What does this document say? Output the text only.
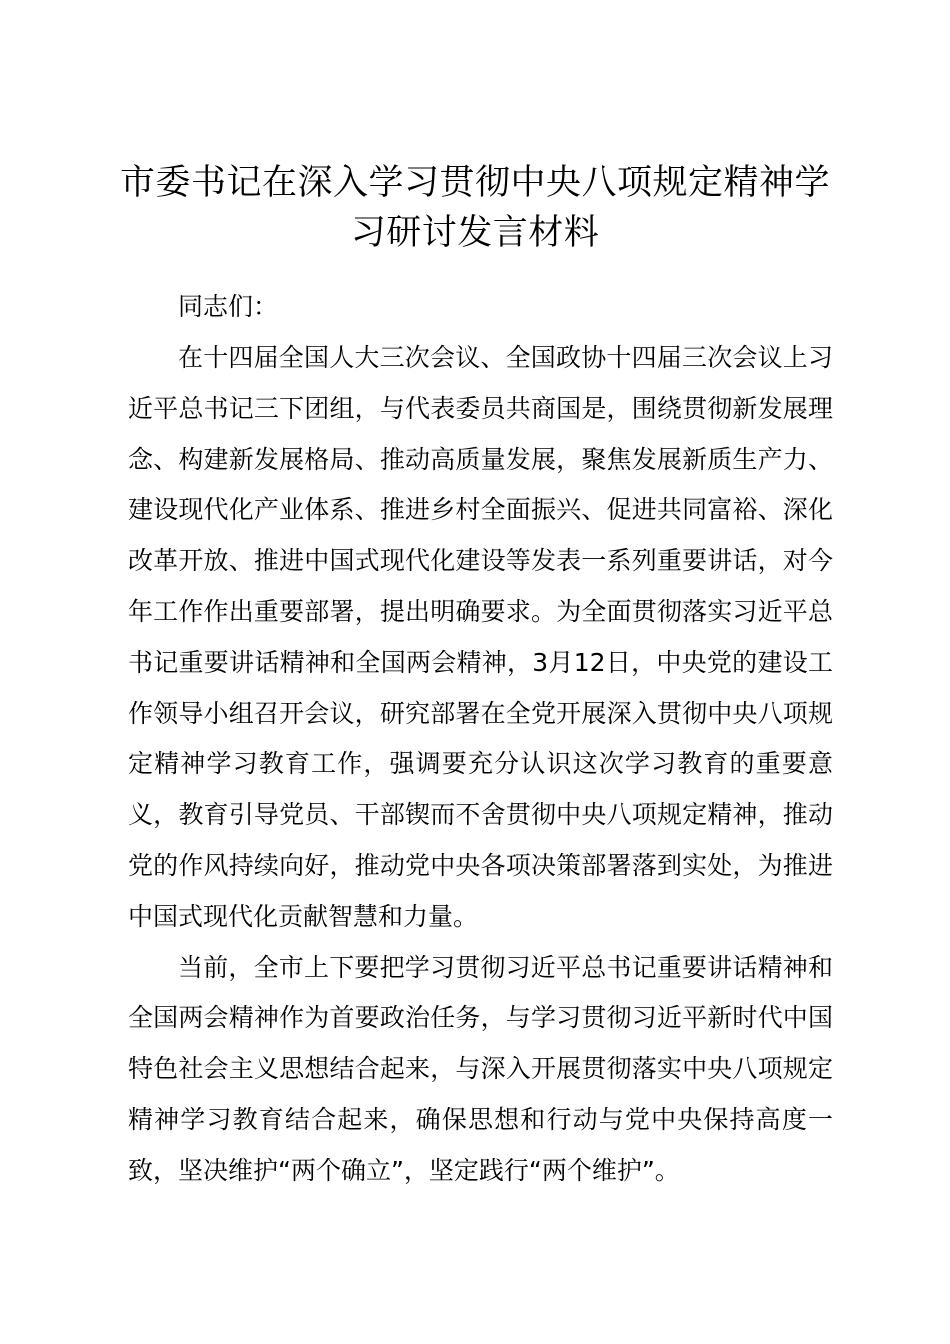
市委书记在深入学习贯彻中央八项规定精神学习研讨发言材料

同志们：

在十四届全国人大三次会议、全国政协十四届三次会议上习近平总书记三下团组，与代表委员共商国是，围绕贯彻新发展理念、构建新发展格局、推动高质量发展，聚焦发展新质生产力、建设现代化产业体系、推进乡村全面振兴、促进共同富裕、深化改革开放、推进中国式现代化建设等发表一系列重要讲话，对今年工作作出重要部署，提出明确要求。为全面贯彻落实习近平总书记重要讲话精神和全国两会精神，3月12日，中央党的建设工作领导小组召开会议，研究部署在全党开展深入贯彻中央八项规定精神学习教育工作，强调要充分认识这次学习教育的重要意义，教育引导党员、干部锲而不舍贯彻中央八项规定精神，推动党的作风持续向好，推动党中央各项决策部署落到实处，为推进中国式现代化贡献智慧和力量。

当前，全市上下要把学习贯彻习近平总书记重要讲话精神和全国两会精神作为首要政治任务，与学习贯彻习近平新时代中国特色社会主义思想结合起来，与深入开展贯彻落实中央八项规定精神学习教育结合起来，确保思想和行动与党中央保持高度一致，坚决维护“两个确立”，坚定践行“两个维护”。
